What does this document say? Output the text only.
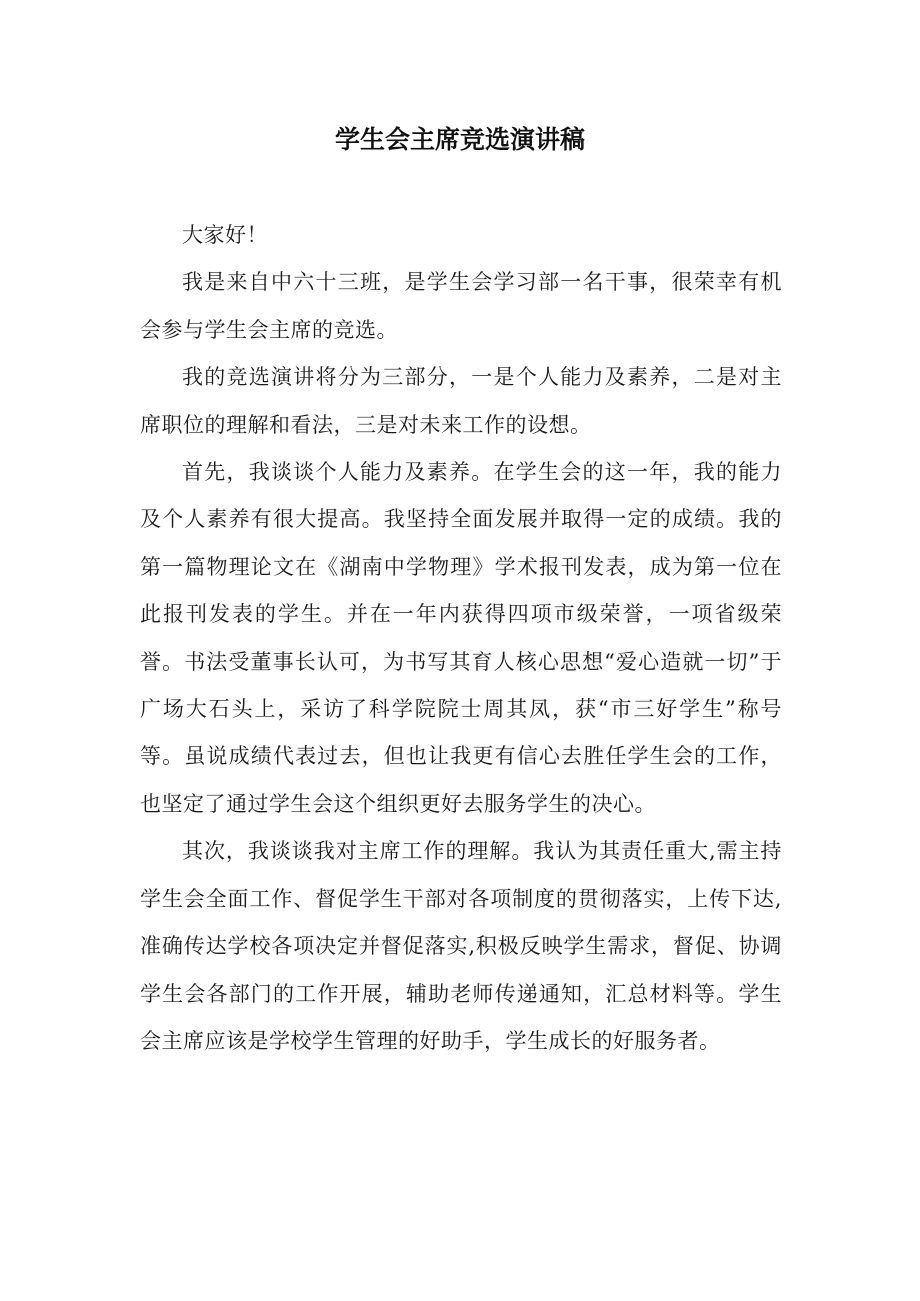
学生会主席竞选演讲稿

大家好！

我是来自中六十三班，是学生会学习部一名干事，很荣幸有机会参与学生会主席的竞选。

我的竞选演讲将分为三部分，一是个人能力及素养，二是对主席职位的理解和看法，三是对未来工作的设想。

首先，我谈谈个人能力及素养。在学生会的这一年，我的能力及个人素养有很大提高。我坚持全面发展并取得一定的成绩。我的第一篇物理论文在《湖南中学物理》学术报刊发表，成为第一位在此报刊发表的学生。并在一年内获得四项市级荣誉，一项省级荣誉。书法受董事长认可，为书写其育人核心思想“爱心造就一切”于广场大石头上，采访了科学院院士周其凤，获“市三好学生”称号等。虽说成绩代表过去，但也让我更有信心去胜任学生会的工作，也坚定了通过学生会这个组织更好去服务学生的决心。

其次，我谈谈我对主席工作的理解。我认为其责任重大,需主持学生会全面工作、督促学生干部对各项制度的贯彻落实，上传下达,准确传达学校各项决定并督促落实,积极反映学生需求，督促、协调学生会各部门的工作开展，辅助老师传递通知，汇总材料等。学生会主席应该是学校学生管理的好助手，学生成长的好服务者。
